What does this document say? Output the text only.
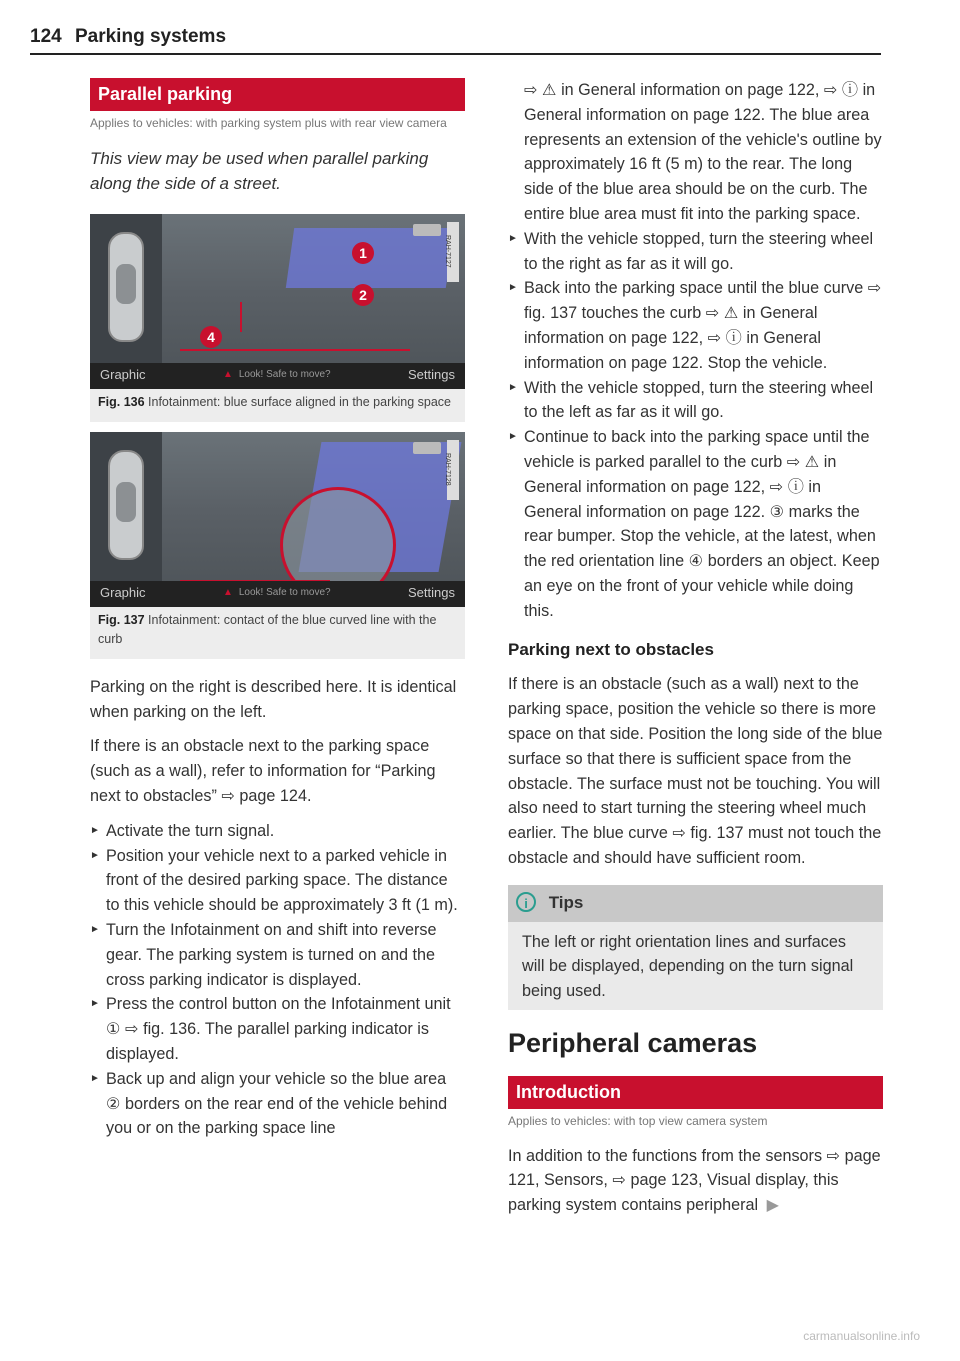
124 Parking systems
Parallel parking
Applies to vehicles: with parking system plus with rear view camera
This view may be used when parallel parking along the side of a street.
1
2
4
RAH-7127
Graphic	▲ Look! Safe to move?	Settings
Fig. 136 Infotainment: blue surface aligned in the parking space
RAH-7128
Graphic	▲ Look! Safe to move?	Settings
Fig. 137 Infotainment: contact of the blue curved line with the curb

Parking on the right is described here. It is identical when parking on the left.

If there is an obstacle next to the parking space (such as a wall), refer to information for “Parking next to obstacles” ⇨ page 124.

► Activate the turn signal.
► Position your vehicle next to a parked vehicle in front of the desired parking space. The distance to this vehicle should be approximately 3 ft (1 m).
► Turn the Infotainment on and shift into reverse gear. The parking system is turned on and the cross parking indicator is displayed.
► Press the control button on the Infotainment unit ① ⇨ fig. 136. The parallel parking indicator is displayed.
► Back up and align your vehicle so the blue area ② borders on the rear end of the vehicle behind you or on the parking space line

⇨ ⚠ in General information on page 122, ⇨ ⓘ in General information on page 122. The blue area represents an extension of the vehicle's outline by approximately 16 ft (5 m) to the rear. The long side of the blue area should be on the curb. The entire blue area must fit into the parking space.

► With the vehicle stopped, turn the steering wheel to the right as far as it will go.
► Back into the parking space until the blue curve ⇨ fig. 137 touches the curb ⇨ ⚠ in General information on page 122, ⇨ ⓘ in General information on page 122. Stop the vehicle.
► With the vehicle stopped, turn the steering wheel to the left as far as it will go.
► Continue to back into the parking space until the vehicle is parked parallel to the curb ⇨ ⚠ in General information on page 122, ⇨ ⓘ in General information on page 122. ③ marks the rear bumper. Stop the vehicle, at the latest, when the red orientation line ④ borders an object. Keep an eye on the front of your vehicle while doing this.
Parking next to obstacles

If there is an obstacle (such as a wall) next to the parking space, position the vehicle so there is more space on that side. Position the long side of the blue surface so that there is sufficient space from the obstacle. The surface must not be touching. You will also need to start turning the steering wheel much earlier. The blue curve ⇨ fig. 137 must not touch the obstacle and should have sufficient room.

i Tips
The left or right orientation lines and surfaces will be displayed, depending on the turn signal being used.
Peripheral cameras
Introduction
Applies to vehicles: with top view camera system

In addition to the functions from the sensors ⇨ page 121, Sensors, ⇨ page 123, Visual display, this parking system contains peripheral ▶

carmanualsonline.info
